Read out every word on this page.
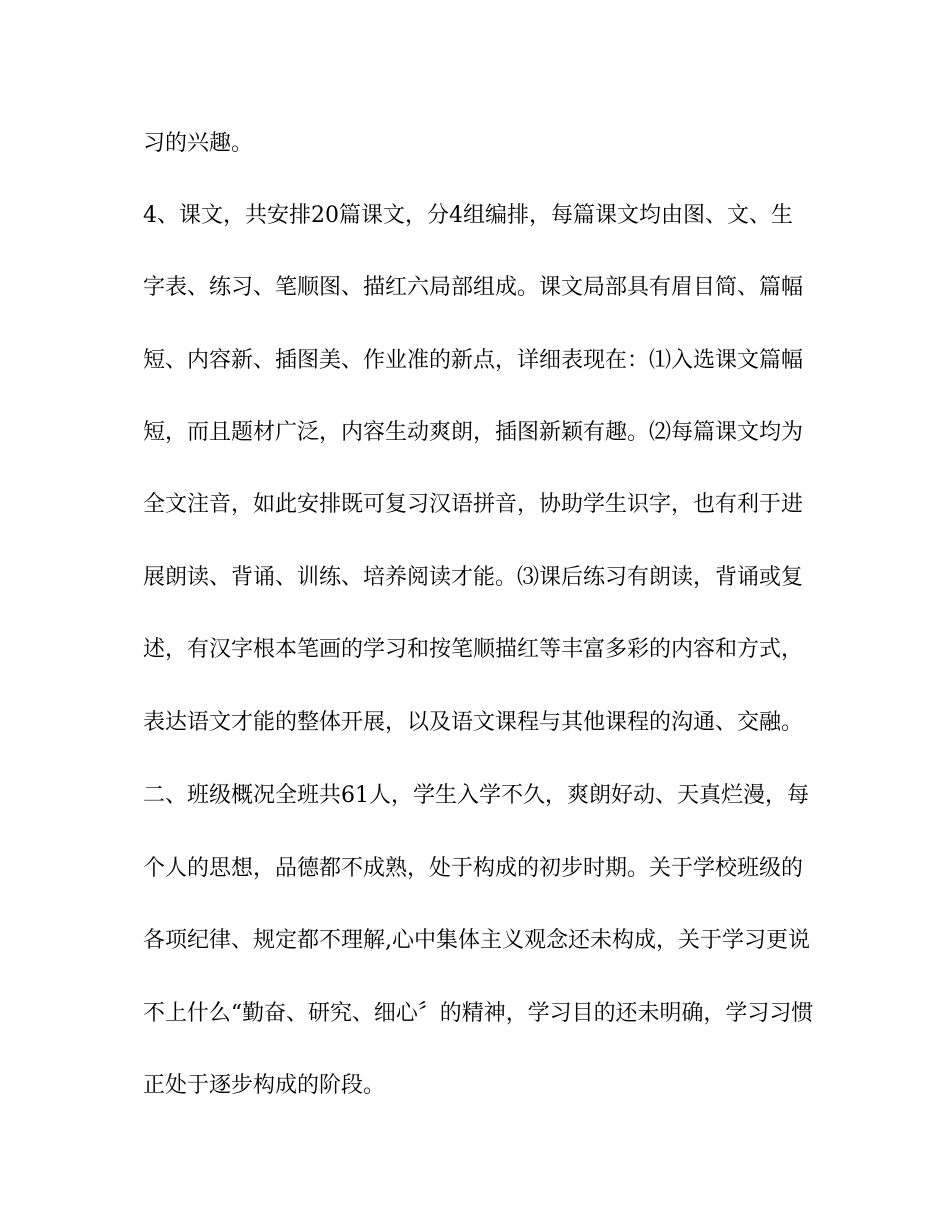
习的兴趣。
4、课文，共安排20篇课文，分4组编排，每篇课文均由图、文、生
字表、练习、笔顺图、描红六局部组成。课文局部具有眉目简、篇幅
短、内容新、插图美、作业准的新点，详细表现在：⑴入选课文篇幅
短，而且题材广泛，内容生动爽朗，插图新颖有趣。⑵每篇课文均为
全文注音，如此安排既可复习汉语拼音，协助学生识字，也有利于进
展朗读、背诵、训练、培养阅读才能。⑶课后练习有朗读，背诵或复
述，有汉字根本笔画的学习和按笔顺描红等丰富多彩的内容和方式，
表达语文才能的整体开展，以及语文课程与其他课程的沟通、交融。
二、班级概况全班共61人，学生入学不久，爽朗好动、天真烂漫，每
个人的思想，品德都不成熟，处于构成的初步时期。关于学校班级的
各项纪律、规定都不理解,心中集体主义观念还未构成，关于学习更说
不上什么“勤奋、研究、细心〞的精神，学习目的还未明确，学习习惯
正处于逐步构成的阶段。
